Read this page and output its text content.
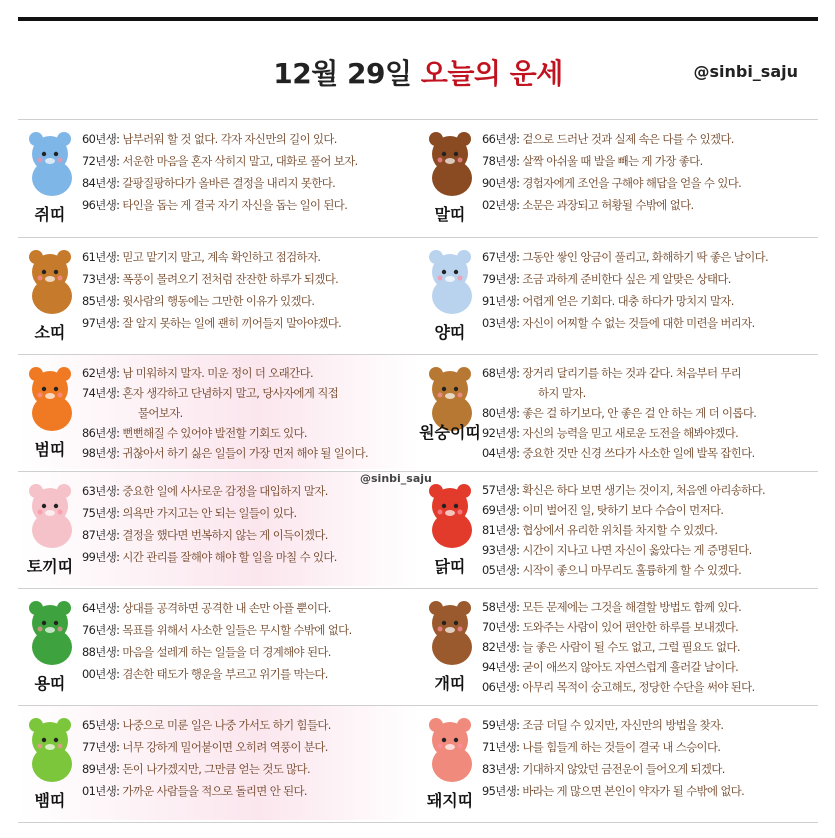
12월 29일 오늘의 운세	@sinbi_saju
쥐띠
60년생: 남부러워 할 것 없다. 각자 자신만의 길이 있다.
72년생: 서운한 마음을 혼자 삭히지 말고, 대화로 풀어 보자.
84년생: 갈팡질팡하다가 올바른 결정을 내리지 못한다.
96년생: 타인을 돕는 게 결국 자기 자신을 돕는 일이 된다.	말띠
66년생: 겉으로 드러난 것과 실제 속은 다를 수 있겠다.
78년생: 살짝 아쉬울 때 발을 빼는 게 가장 좋다.
90년생: 경험자에게 조언을 구해야 해답을 얻을 수 있다.
02년생: 소문은 과장되고 허황될 수밖에 없다.
소띠
61년생: 믿고 맡기지 말고, 계속 확인하고 점검하자.
73년생: 폭풍이 몰려오기 전처럼 잔잔한 하루가 되겠다.
85년생: 윗사람의 행동에는 그만한 이유가 있겠다.
97년생: 잘 알지 못하는 일에 괜히 끼어들지 말아야겠다.	양띠
67년생: 그동안 쌓인 앙금이 풀리고, 화해하기 딱 좋은 날이다.
79년생: 조금 과하게 준비한다 싶은 게 알맞은 상태다.
91년생: 어렵게 얻은 기회다. 대충 하다가 망치지 말자.
03년생: 자신이 어찌할 수 없는 것들에 대한 미련을 버리자.
범띠
62년생: 남 미워하지 말자. 미운 정이 더 오래간다.
74년생: 혼자 생각하고 단념하지 말고, 당사자에게 직접
물어보자.
86년생: 뻔뻔해질 수 있어야 발전할 기회도 있다.
98년생: 귀찮아서 하기 싫은 일들이 가장 먼저 해야 될 일이다.
원숭이띠
68년생: 장거리 달리기를 하는 것과 같다. 처음부터 무리
하지 말자.
80년생: 좋은 걸 하기보다, 안 좋은 걸 안 하는 게 더 이롭다.
92년생: 자신의 능력을 믿고 새로운 도전을 해봐야겠다.
04년생: 중요한 것만 신경 쓰다가 사소한 일에 발목 잡힌다.
토끼띠
63년생: 중요한 일에 사사로운 감정을 대입하지 말자.
75년생: 의욕만 가지고는 안 되는 일들이 있다.
87년생: 결정을 했다면 번복하지 않는 게 이득이겠다.
99년생: 시간 관리를 잘해야 해야 할 일을 마칠 수 있다.	닭띠
57년생: 확신은 하다 보면 생기는 것이지, 처음엔 아리송하다.
69년생: 이미 벌어진 일, 탓하기 보다 수습이 먼저다.
81년생: 협상에서 유리한 위치를 차지할 수 있겠다.
93년생: 시간이 지나고 나면 자신이 옳았다는 게 증명된다.
05년생: 시작이 좋으니 마무리도 훌륭하게 할 수 있겠다.
용띠
64년생: 상대를 공격하면 공격한 내 손만 아플 뿐이다.
76년생: 목표를 위해서 사소한 일들은 무시할 수밖에 없다.
88년생: 마음을 설레게 하는 일들을 더 경계해야 된다.
00년생: 겸손한 태도가 행운을 부르고 위기를 막는다.	개띠
58년생: 모든 문제에는 그것을 해결할 방법도 함께 있다.
70년생: 도와주는 사람이 있어 편안한 하루를 보내겠다.
82년생: 늘 좋은 사람이 될 수도 없고, 그럴 필요도 없다.
94년생: 굳이 애쓰지 않아도 자연스럽게 흘러갈 날이다.
06년생: 아무리 목적이 숭고해도, 정당한 수단을 써야 된다.
뱀띠
65년생: 나중으로 미룬 일은 나중 가서도 하기 힘들다.
77년생: 너무 강하게 밀어붙이면 오히려 역풍이 분다.
89년생: 돈이 나가겠지만, 그만큼 얻는 것도 많다.
01년생: 가까운 사람들을 적으로 돌리면 안 된다.	돼지띠
59년생: 조금 더딜 수 있지만, 자신만의 방법을 찾자.
71년생: 나를 힘들게 하는 것들이 결국 내 스승이다.
83년생: 기대하지 않았던 금전운이 들어오게 되겠다.
95년생: 바라는 게 많으면 본인이 약자가 될 수밖에 없다.
@sinbi_saju
